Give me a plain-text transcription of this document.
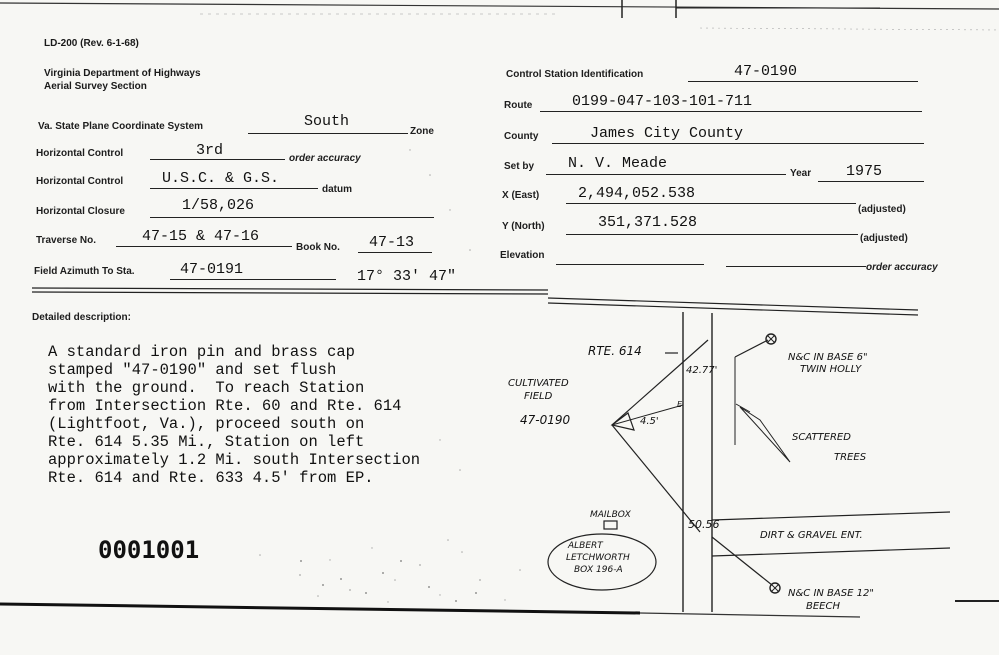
LD-200 (Rev. 6-1-68)
Virginia Department of Highways
Aerial Survey Section
Va. State Plane Coordinate System	South
Zone
Horizontal Control	3rd	order accuracy
Horizontal Control	U.S.C. & G.S.
datum
Horizontal Closure	1/58,026
Traverse No.	47-15 & 47-16
Book No. 47-13
Field Azimuth To Sta.	47-0191	17° 33' 47"
Control Station Identification	47-0190
Route	0199-047-103-101-711
County	James City County
Set by N. V. Meade
Year 1975
X (East)	2,494,052.538
(adjusted)
Y (North)	351,371.528
(adjusted)
Elevation
order accuracy
Detailed description:
A standard iron pin and brass cap
stamped "47-0190" and set flush
with the ground.  To reach Station
from Intersection Rte. 60 and Rte. 614
(Lightfoot, Va.), proceed south on
Rte. 614 5.35 Mi., Station on left
approximately 1.2 Mi. south Intersection
Rte. 614 and Rte. 633 4.5' from EP.
0001001
RTE. 614
CULTIVATED
FIELD
47-0190
42.77'
E
4.5'
N&C IN BASE 6"
TWIN HOLLY
SCATTERED
TREES
MAILBOX
ALBERT
LETCHWORTH
BOX 196-A
50.56
DIRT & GRAVEL ENT.
N&C IN BASE 12"
BEECH
